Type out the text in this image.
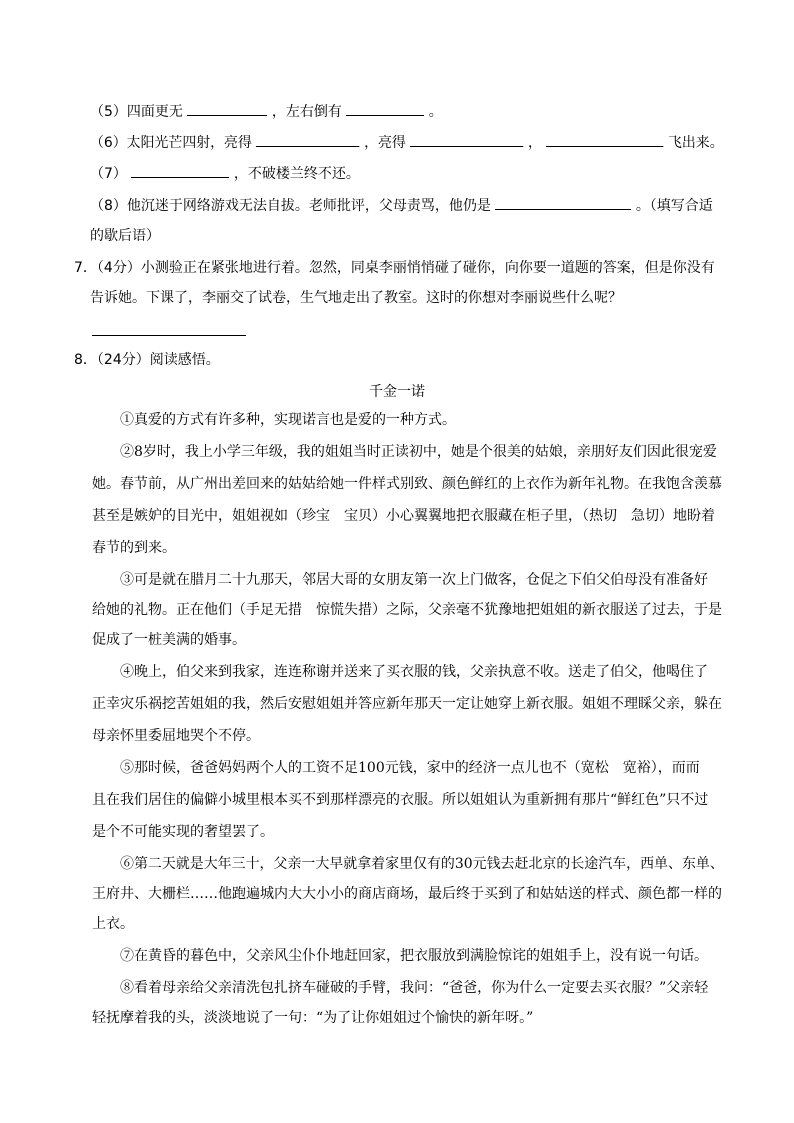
（5）四面更无	，左右倒有	。
（6）太阳光芒四射，亮得	，亮得	，	飞出来。
（7）	，不破楼兰终不还。
（8）他沉迷于网络游戏无法自拔。老师批评，父母责骂，他仍是	。（填写合适
的歇后语）
7．（4分）小测验正在紧张地进行着。忽然，同桌李丽悄悄碰了碰你，向你要一道题的答案，但是你没有
告诉她。下课了，李丽交了试卷，生气地走出了教室。这时的你想对李丽说些什么呢？
8．（24分）阅读感悟。
千金一诺
①真爱的方式有许多种，实现诺言也是爱的一种方式。
②8岁时，我上小学三年级，我的姐姐当时正读初中，她是个很美的姑娘，亲朋好友们因此很宠爱
她。春节前，从广州出差回来的姑姑给她一件样式别致、颜色鲜红的上衣作为新年礼物。在我饱含羡慕
甚至是嫉妒的目光中，姐姐视如（珍宝　宝贝）小心翼翼地把衣服藏在柜子里，（热切　急切）地盼着
春节的到来。
③可是就在腊月二十九那天，邻居大哥的女朋友第一次上门做客，仓促之下伯父伯母没有准备好
给她的礼物。正在他们（手足无措　惊慌失措）之际，父亲毫不犹豫地把姐姐的新衣服送了过去，于是
促成了一桩美满的婚事。
④晚上，伯父来到我家，连连称谢并送来了买衣服的钱，父亲执意不收。送走了伯父，他喝住了
正幸灾乐祸挖苦姐姐的我，然后安慰姐姐并答应新年那天一定让她穿上新衣服。姐姐不理睬父亲，躲在
母亲怀里委屈地哭个不停。
⑤那时候，爸爸妈妈两个人的工资不足100元钱，家中的经济一点儿也不（宽松　宽裕），而而
且在我们居住的偏僻小城里根本买不到那样漂亮的衣服。所以姐姐认为重新拥有那片“鲜红色”只不过
是个不可能实现的奢望罢了。
⑥第二天就是大年三十，父亲一大早就拿着家里仅有的30元钱去赶北京的长途汽车，西单、东单、
王府井、大栅栏……他跑遍城内大大小小的商店商场，最后终于买到了和姑姑送的样式、颜色都一样的
上衣。
⑦在黄昏的暮色中，父亲风尘仆仆地赶回家，把衣服放到满脸惊诧的姐姐手上，没有说一句话。
⑧看着母亲给父亲清洗包扎挤车碰破的手臂，我问：“爸爸，你为什么一定要去买衣服？”父亲轻
轻抚摩着我的头，淡淡地说了一句：“为了让你姐姐过个愉快的新年呀。”
